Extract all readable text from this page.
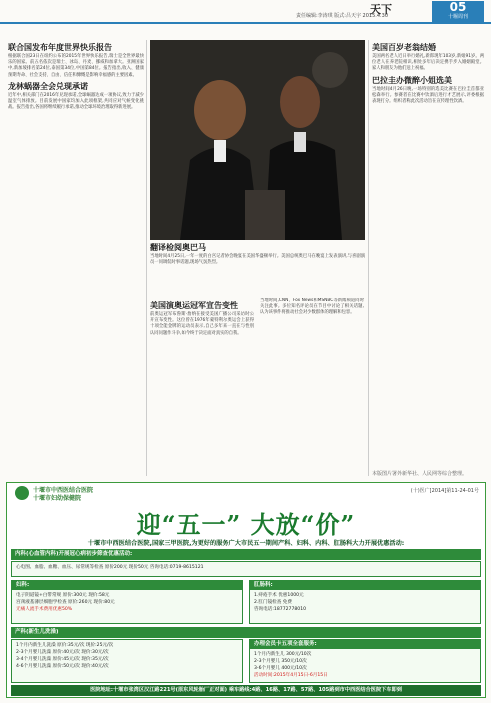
责任编辑:李涛琪 版式:吕天宇 2015.4.30
天下	05
十堰周刊
联合国发布年度世界快乐报告

根据联合国23日在纽约公布的2015年世界快乐报告,瑞士是全世界最快乐的国家。前五名依次是瑞士、冰岛、丹麦、挪威和加拿大。亚洲国家中,新加坡排名第24位,泰国第34位,中国第84位。报告指出,收入、健康预期寿命、社会支持、自由、信任和慷慨是影响幸福感的主要因素。

龙林蜗器全会兑现承诺

近年中,相关部门在2016年兑现承诺,全球蜗器达成一项协议,致力于减少温室气体排放。目前发展中国家均加入此项框架,共同应对气候变化挑战。报告指出,各国将继续履行承诺,推动全球环境治理取得新进展。

翻译检阅奥巴马

当地时间4月25日,一年一度的白宫记者协会晚宴在美国华盛顿举行。美国总统奥巴马在晚宴上发表演讲,与喜剧演员一同调侃时事话题,现场气氛热烈。

美国演奥运冠军宣告变性

前奥运冠军布鲁斯·詹纳在接受美国广播公司采访时公开宣布变性。这位曾在1976年蒙特利尔奥运会上获得十项全能金牌的运动员表示,自己多年来一直在与性别认同问题作斗争,如今终于决定面对真实的自我。

当地时间,CNN、Fox News和MSNBC等新闻频道同时关注此事。多位知名评论员在节目中讨论了相关话题,认为该事件将推动社会对少数群体的理解和包容。

美国百岁老翁结婚

美国两名老人近日举行婚礼,新郎现年103岁,新娘91岁。两位老人在养老院相识,相处多年后决定携手步入婚姻殿堂。家人和朋友为他们送上祝福。

巴拉圭办微醉小姐选美

当地时间4月26日晚,一场特别的选美比赛在巴拉圭首都亚松森举行。参赛者在比赛中饮酒后进行才艺展示,评委根据表现打分。组织者称此次活动旨在宣传理性饮酒。

本版图片署外新华社、人民网等综合整理。
十堰市中西医结合医院
十堰市妇幼保健院
(十)医广[2014]第11-24-01号
迎“五一” 大放“价”
十堰市中西医结合医院,国家三甲医院,为更好的服务广大市民五一期间产科、妇科、内科、肛肠科大力开展优惠活动:
内科(心血管内科)开展冠心病初步筛查优惠活动:
心电图、血脂、血糖、血压、尿常规等检查 原价200元 现价50元 咨询电话:0719-8615121
妇科:
电子阴道镜+白带常规 原价:300元 现价:58元
宫颈液基薄层细胞学检查 原价:260元 现价:80元
无痛人流手术费用优惠50%
肛肠科:
1.痔疮手术 优惠1000元
2.肛门镜检查 免费
咨询电话:18772778010
产科(新生儿洗澡)
1个月内新生儿洗澡 原价:35元/次 现价:25元/次
2-3个月婴儿洗澡 原价:40元/次 现价:30元/次
3-4个月婴儿洗澡 原价:45元/次 现价:35元/次
4-6个月婴儿洗澡 原价:50元/次 现价:40元/次
办理会员卡五项全套服务:
1个月内新生儿 300元/10次
2-3个月婴儿 350元/10次
3-6个月婴儿 400元/10次
活动时间:2015年4月15日-6月15日
医院地址:十堰市张湾区汉江路221号(原东风轮胎厂正对面) 乘车路线:4路、16路、17路、57路、105路到市中西医结合医院下车即到
